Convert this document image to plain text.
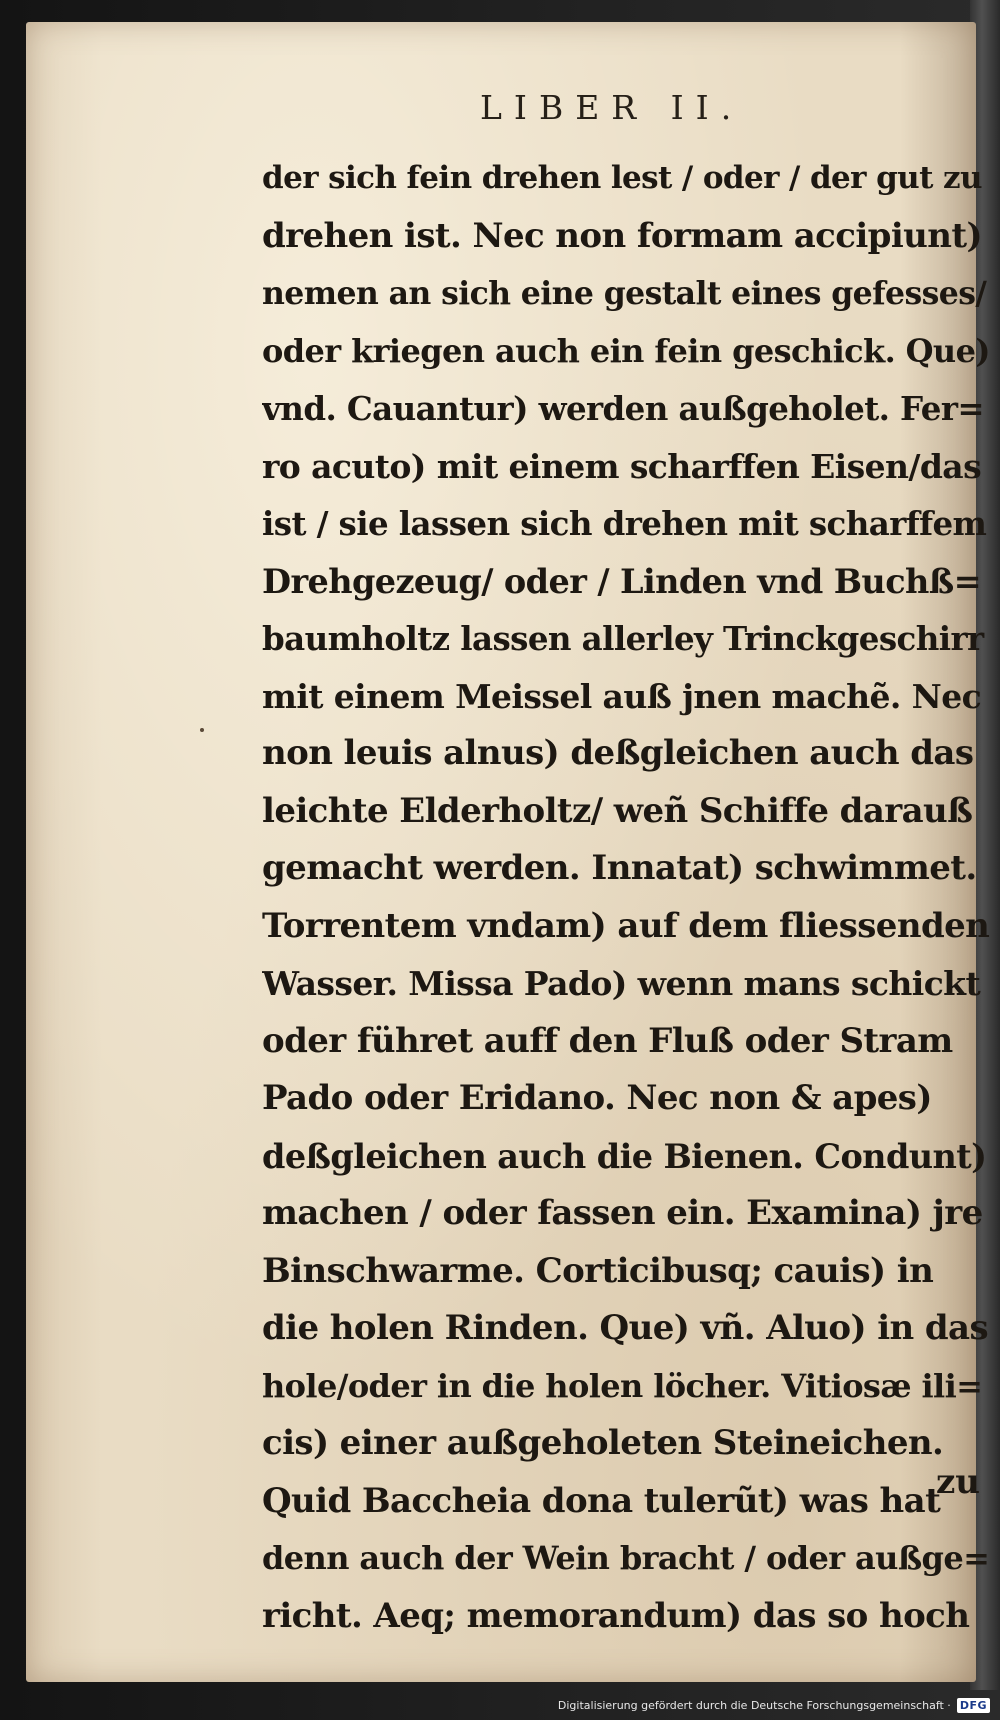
LIBER II.
der sich fein drehen lest / oder / der gut zu
drehen ist. Nec non formam accipiunt)
nemen an sich eine gestalt eines gefesses/
oder kriegen auch ein fein geschick. Que)
vnd. Cauantur) werden außgeholet. Fer=
ro acuto) mit einem scharffen Eisen/das
ist / sie lassen sich drehen mit scharffem
Drehgezeug/ oder / Linden vnd Buchß=
baumholtz lassen allerley Trinckgeschirr
mit einem Meissel auß jnen machẽ. Nec
non leuis alnus) deßgleichen auch das
leichte Elderholtz/ weñ Schiffe darauß
gemacht werden. Innatat) schwimmet.
Torrentem vndam) auf dem fliessenden
Wasser. Missa Pado) wenn mans schickt
oder führet auff den Fluß oder Stram
Pado oder Eridano. Nec non & apes)
deßgleichen auch die Bienen. Condunt)
machen / oder fassen ein. Examina) jre
Binschwarme. Corticibusq; cauis) in
die holen Rinden. Que) vñ. Aluo) in das
hole/oder in die holen löcher. Vitiosæ ili=
cis) einer außgeholeten Steineichen.
Quid Baccheia dona tulerũt) was hat
denn auch der Wein bracht / oder außge=
richt. Aeq; memorandum) das so hoch
zu
Digitalisierung gefördert durch die Deutsche Forschungsgemeinschaft · DFG
